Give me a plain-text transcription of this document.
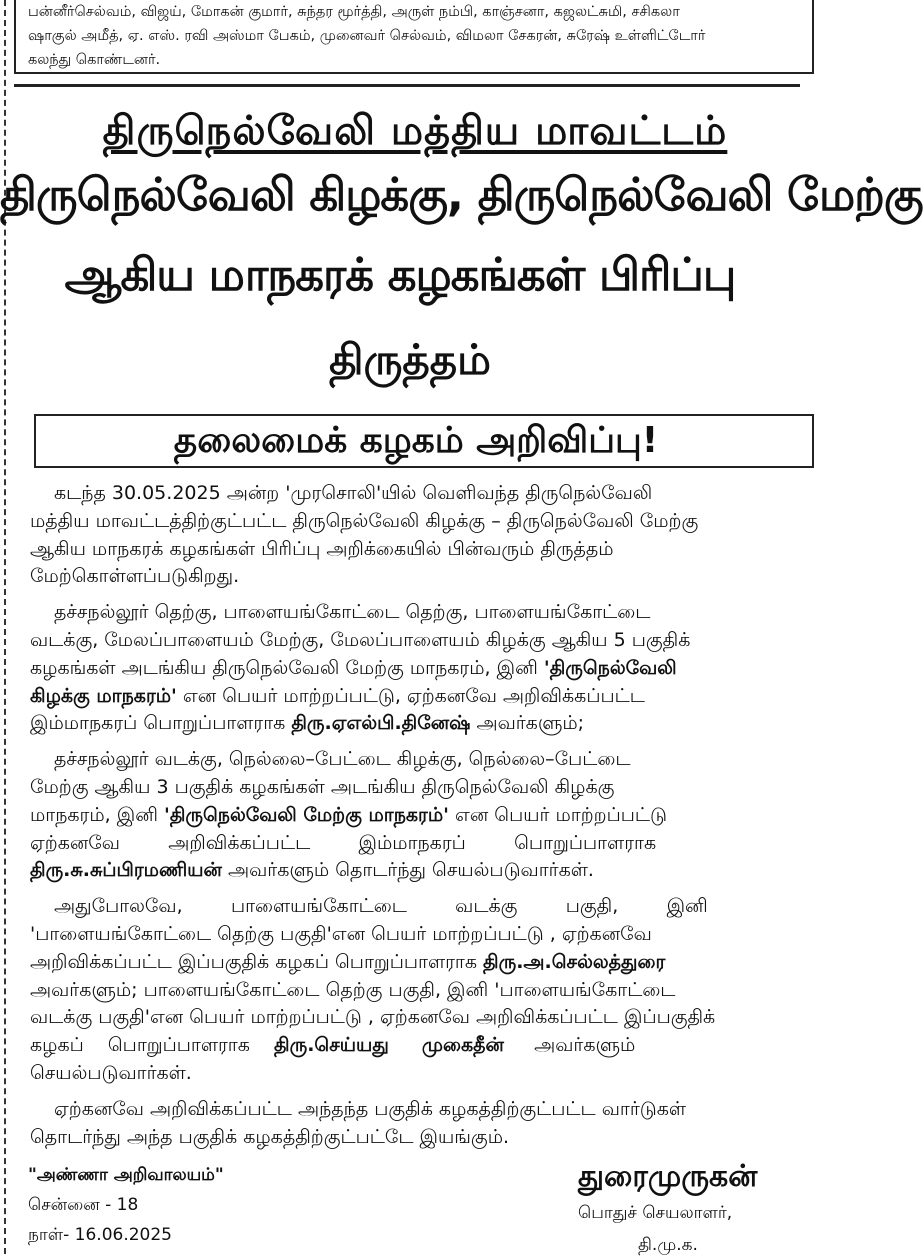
பன்னீர்செல்வம், விஜய், மோகன் குமார், சுந்தர மூர்த்தி, அருள் நம்பி, காஞ்சனா, கஜலட்சுமி, சசிகலா

ஷாகுல் அமீத், ஏ. எஸ். ரவி அஸ்மா பேகம், முனைவர் செல்வம், விமலா சேகரன், சுரேஷ் உள்ளிட்டோர்

கலந்து கொண்டனர்.

திருநெல்வேலி மத்திய மாவட்டம்
திருநெல்வேலி கிழக்கு, திருநெல்வேலி மேற்கு
ஆகிய மாநகரக் கழகங்கள் பிரிப்பு
திருத்தம்
தலைமைக் கழகம் அறிவிப்பு!

கடந்த 30.05.2025 அன்ற 'முரசொலி'யில் வெளிவந்த திருநெல்வேலி
மத்திய மாவட்டத்திற்குட்பட்ட திருநெல்வேலி கிழக்கு – திருநெல்வேலி மேற்கு
ஆகிய மாநகரக் கழகங்கள் பிரிப்பு அறிக்கையில் பின்வரும் திருத்தம்
மேற்கொள்ளப்படுகிறது.

தச்சநல்லூர் தெற்கு, பாளையங்கோட்டை தெற்கு, பாளையங்கோட்டை
வடக்கு, மேலப்பாளையம் மேற்கு, மேலப்பாளையம் கிழக்கு ஆகிய 5 பகுதிக்
கழகங்கள் அடங்கிய திருநெல்வேலி மேற்கு மாநகரம், இனி 'திருநெல்வேலி
கிழக்கு மாநகரம்' என பெயர் மாற்றப்பட்டு, ஏற்கனவே அறிவிக்கப்பட்ட
இம்மாநகரப் பொறுப்பாளராக திரு.ஏஎல்பி.தினேஷ் அவர்களும்;

தச்சநல்லூர் வடக்கு, நெல்லை–பேட்டை கிழக்கு, நெல்லை–பேட்டை
மேற்கு ஆகிய 3 பகுதிக் கழகங்கள் அடங்கிய திருநெல்வேலி கிழக்கு
மாநகரம், இனி 'திருநெல்வேலி மேற்கு மாநகரம்' என பெயர் மாற்றப்பட்டு
ஏற்கனவே        அறிவிக்கப்பட்ட        இம்மாநகரப்        பொறுப்பாளராக
திரு.சு.சுப்பிரமணியன் அவர்களும் தொடர்ந்து செயல்படுவார்கள்.

அதுபோலவே,        பாளையங்கோட்டை        வடக்கு        பகுதி,        இனி
'பாளையங்கோட்டை தெற்கு பகுதி'என பெயர் மாற்றப்பட்டு , ஏற்கனவே
அறிவிக்கப்பட்ட இப்பகுதிக் கழகப் பொறுப்பாளராக திரு.அ.செல்லத்துரை
அவர்களும்; பாளையங்கோட்டை தெற்கு பகுதி, இனி 'பாளையங்கோட்டை
வடக்கு பகுதி'என பெயர் மாற்றப்பட்டு , ஏற்கனவே அறிவிக்கப்பட்ட இப்பகுதிக்
கழகப்    பொறுப்பாளராக    திரு.செய்யது     முகைதீன்     அவர்களும்
செயல்படுவார்கள்.

ஏற்கனவே அறிவிக்கப்பட்ட அந்தந்த பகுதிக் கழகத்திற்குட்பட்ட வார்டுகள்
தொடர்ந்து அந்த பகுதிக் கழகத்திற்குட்பட்டே இயங்கும்.

"அண்ணா அறிவாலயம்"
சென்னை - 18
நாள்- 16.06.2025
துரைமுருகன்
பொதுச் செயலாளர்,
தி.மு.க.
